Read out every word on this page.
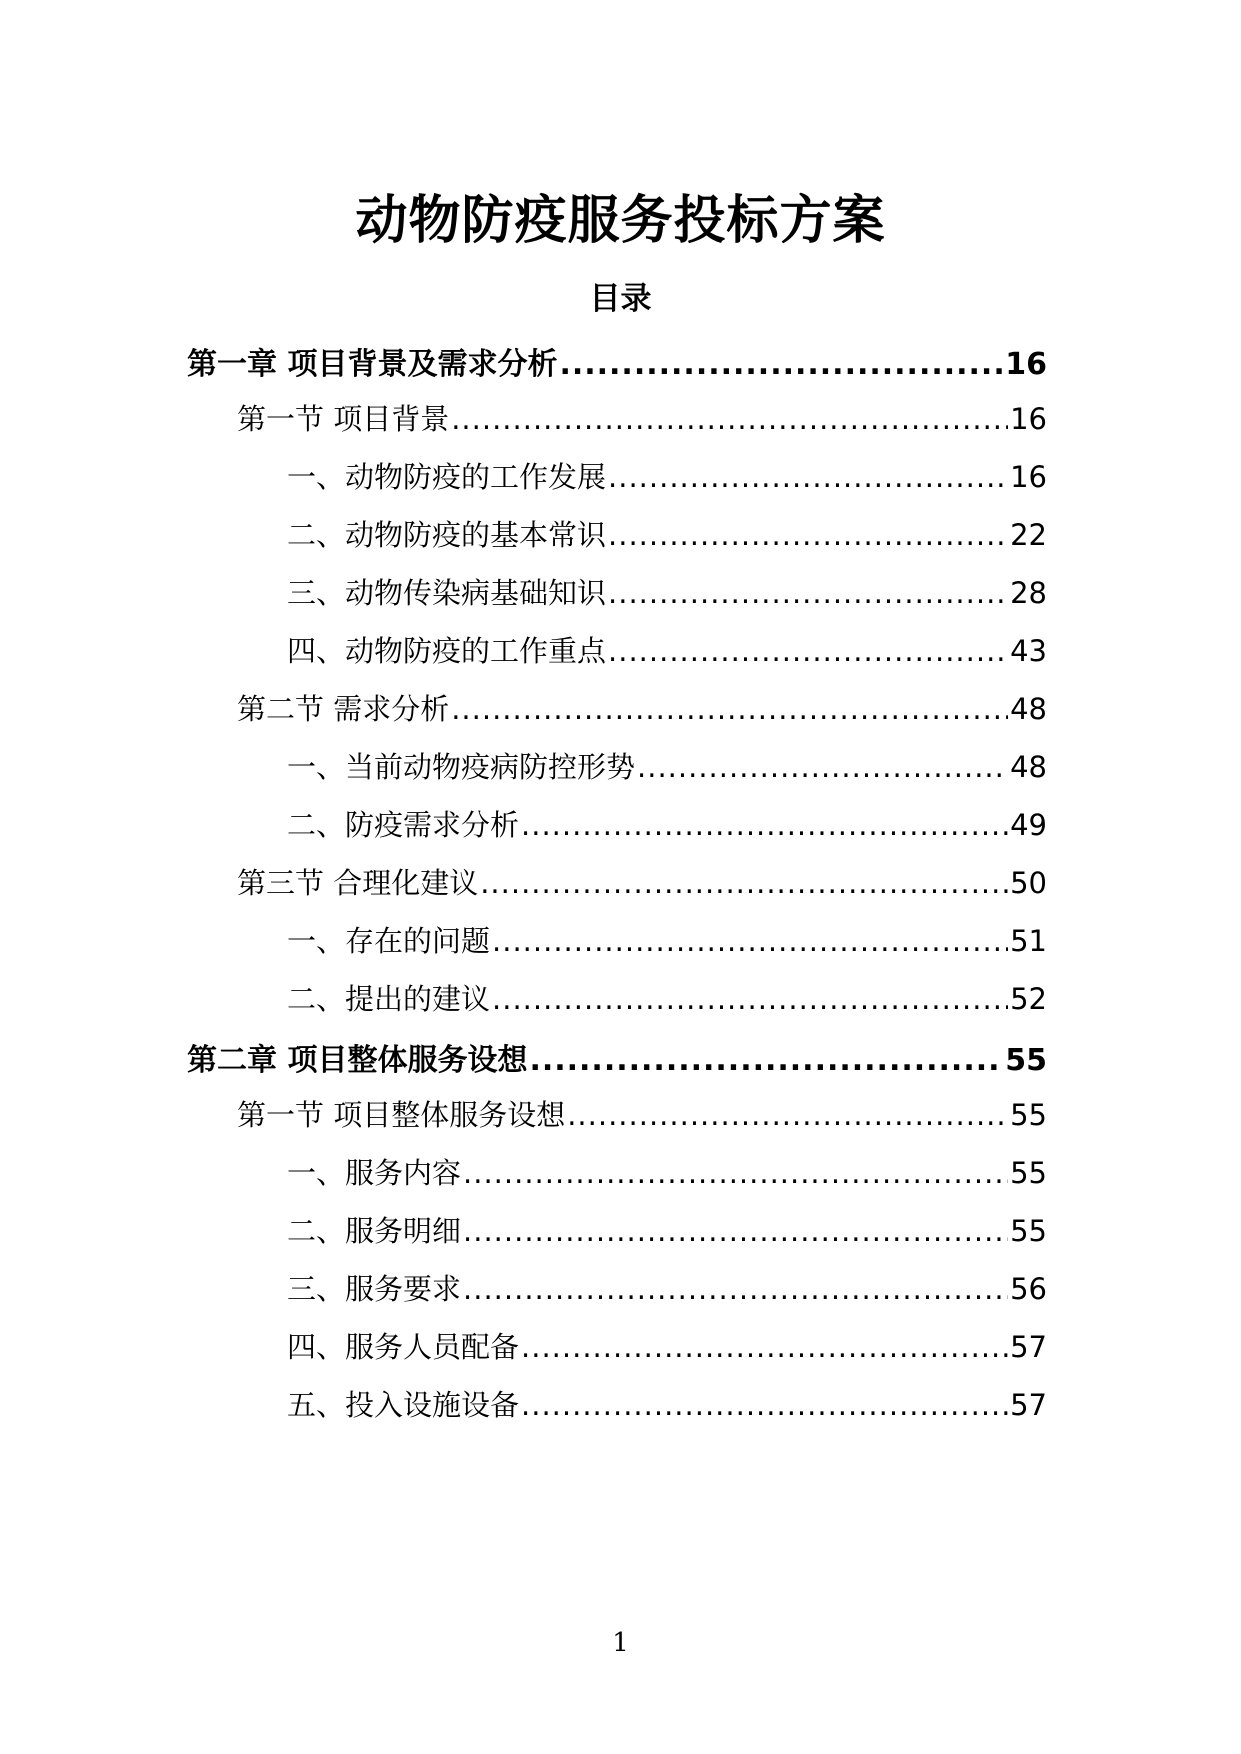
动物防疫服务投标方案
目录
第一章 项目背景及需求分析 .....	16
第一节 项目背景 .....	16
一、动物防疫的工作发展 .....	16
二、动物防疫的基本常识 .....	22
三、动物传染病基础知识 .....	28
四、动物防疫的工作重点 .....	43
第二节 需求分析 .....	48
一、当前动物疫病防控形势 .....	48
二、防疫需求分析 .....	49
第三节 合理化建议 .....	50
一、存在的问题 .....	51
二、提出的建议 .....	52
第二章 项目整体服务设想 .....	55
第一节 项目整体服务设想 .....	55
一、服务内容 .....	55
二、服务明细 .....	55
三、服务要求 .....	56
四、服务人员配备 .....	57
五、投入设施设备 .....	57
1
